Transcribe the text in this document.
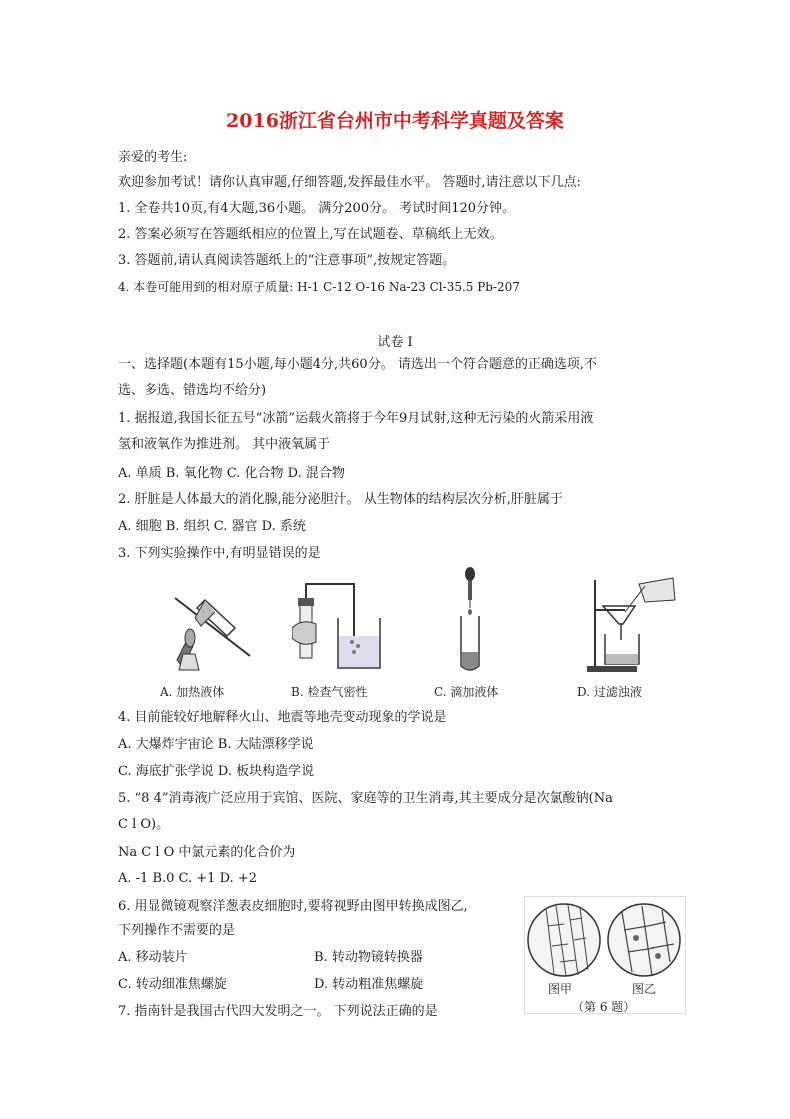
2016浙江省台州市中考科学真题及答案
亲爱的考生:
欢迎参加考试！请你认真审题,仔细答题,发挥最佳水平。 答题时,请注意以下几点:
1. 全卷共10页,有4大题,36小题。 满分200分。 考试时间120分钟。
2. 答案必须写在答题纸相应的位置上,写在试题卷、草稿纸上无效。
3. 答题前,请认真阅读答题纸上的“注意事项”,按规定答题。
4. 本卷可能用到的相对原子质量: H-1 C-12 O-16 Na-23 Cl-35.5 Pb-207
试卷 I
一、选择题(本题有15小题,每小题4分,共60分。 请选出一个符合题意的正确选项,不
选、多选、错选均不给分)
1. 据报道,我国长征五号“冰箭”运载火箭将于今年9月试射,这种无污染的火箭采用液
氢和液氧作为推进剂。 其中液氧属于
A. 单质 B. 氧化物 C. 化合物 D. 混合物
2. 肝脏是人体最大的消化腺,能分泌胆汁。 从生物体的结构层次分析,肝脏属于
A. 细胞 B. 组织 C. 器官 D. 系统
3. 下列实验操作中,有明显错误的是
A. 加热液体	B. 检查气密性	C. 滴加液体	D. 过滤浊液
4. 目前能较好地解释火山、地震等地壳变动现象的学说是
A. 大爆炸宇宙论 B. 大陆漂移学说
C. 海底扩张学说 D. 板块构造学说
5. “8 4”消毒液广泛应用于宾馆、医院、家庭等的卫生消毒,其主要成分是次氯酸钠(Na
C l O)。
Na C l O 中氯元素的化合价为
A. -1 B.0 C. +1 D. +2
6. 用显微镜观察洋葱表皮细胞时,要将视野由图甲转换成图乙,
下列操作不需要的是
A. 移动装片	B. 转动物镜转换器
C. 转动细准焦螺旋	D. 转动粗准焦螺旋	图甲	图乙
（第 6 题）
7. 指南针是我国古代四大发明之一。 下列说法正确的是
